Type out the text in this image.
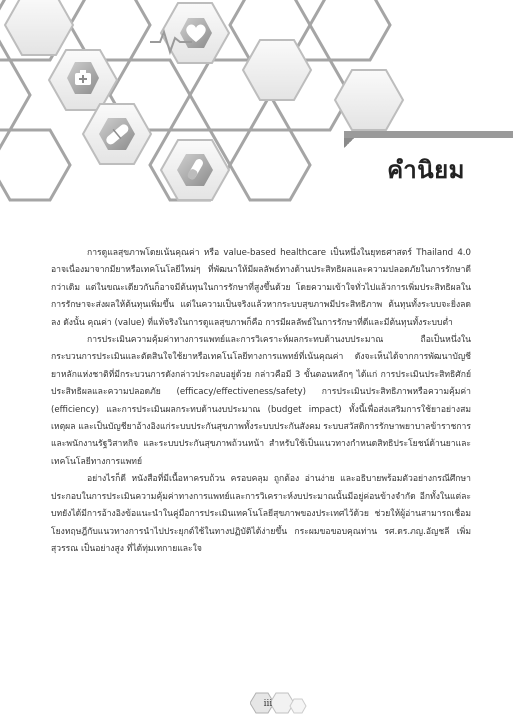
คำนิยม

การดูแลสุขภาพโดยเน้นคุณค่า หรือ value-based healthcare เป็นหนึ่งในยุทธศาสตร์ Thailand 4.0 อาจเนื่องมาจากมียาหรือเทคโนโลยีใหม่ๆ ที่พัฒนาให้มีผลลัพธ์ทางด้านประสิทธิผลและความปลอดภัยในการรักษาดีกว่าเดิม แต่ในขณะเดียวกันก็อาจมีต้นทุนในการรักษาที่สูงขึ้นด้วย โดยความเข้าใจทั่วไปแล้วการเพิ่มประสิทธิผลในการรักษาจะส่งผลให้ต้นทุนเพิ่มขึ้น แต่ในความเป็นจริงแล้วหากระบบสุขภาพมีประสิทธิภาพ ต้นทุนทั้งระบบจะยิ่งลดลง ดังนั้น คุณค่า (value) ที่แท้จริงในการดูแลสุขภาพก็คือ การมีผลลัพธ์ในการรักษาที่ดีและมีต้นทุนทั้งระบบต่ำ

การประเมินความคุ้มค่าทางการแพทย์และการวิเคราะห์ผลกระทบด้านงบประมาณ ถือเป็นหนึ่งในกระบวนการประเมินและตัดสินใจใช้ยาหรือเทคโนโลยีทางการแพทย์ที่เน้นคุณค่า ดังจะเห็นได้จากการพัฒนาบัญชียาหลักแห่งชาติที่มีกระบวนการดังกล่าวประกอบอยู่ด้วย กล่าวคือมี 3 ขั้นตอนหลักๆ ได้แก่ การประเมินประสิทธิศักย์ ประสิทธิผลและความปลอดภัย (efficacy/effectiveness/safety) การประเมินประสิทธิภาพหรือความคุ้มค่า (efficiency) และการประเมินผลกระทบด้านงบประมาณ (budget impact) ทั้งนี้เพื่อส่งเสริมการใช้ยาอย่างสมเหตุผล และเป็นบัญชียาอ้างอิงแก่ระบบประกันสุขภาพทั้งระบบประกันสังคม ระบบสวัสดิการรักษาพยาบาลข้าราชการและพนักงานรัฐวิสาหกิจ และระบบประกันสุขภาพถ้วนหน้า สำหรับใช้เป็นแนวทางกำหนดสิทธิประโยชน์ด้านยาและเทคโนโลยีทางการแพทย์

อย่างไรก็ดี หนังสือที่มีเนื้อหาครบถ้วน ครอบคลุม ถูกต้อง อ่านง่าย และอธิบายพร้อมตัวอย่างกรณีศึกษาประกอบในการประเมินความคุ้มค่าทางการแพทย์และการวิเคราะห์งบประมาณนั้นมีอยู่ค่อนข้างจำกัด อีกทั้งในแต่ละบทยังได้มีการอ้างอิงข้อแนะนำในคู่มือการประเมินเทคโนโลยีสุขภาพของประเทศไว้ด้วย ช่วยให้ผู้อ่านสามารถเชื่อมโยงทฤษฎีกับแนวทางการนำไปประยุกต์ใช้ในทางปฏิบัติได้ง่ายขึ้น กระผมขอขอบคุณท่าน รศ.ดร.ภญ.อัญชลี เพิ่มสุวรรณ เป็นอย่างสูง ที่ได้ทุ่มเทกายและใจ

iii
